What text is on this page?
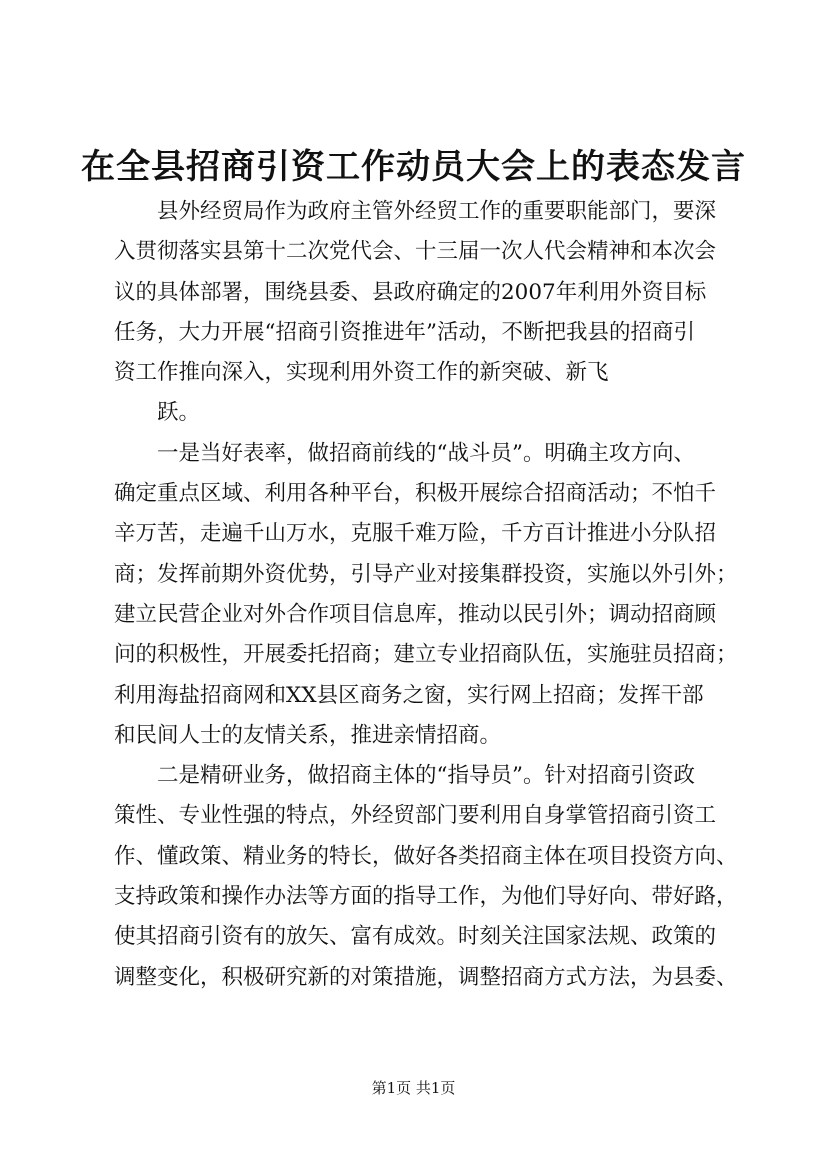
在全县招商引资工作动员大会上的表态发言
县外经贸局作为政府主管外经贸工作的重要职能部门，要深
入贯彻落实县第十二次党代会、十三届一次人代会精神和本次会
议的具体部署，围绕县委、县政府确定的2007年利用外资目标
任务，大力开展“招商引资推进年”活动，不断把我县的招商引
资工作推向深入，实现利用外资工作的新突破、新飞
跃。
一是当好表率，做招商前线的“战斗员”。明确主攻方向、
确定重点区域、利用各种平台，积极开展综合招商活动；不怕千
辛万苦，走遍千山万水，克服千难万险，千方百计推进小分队招
商；发挥前期外资优势，引导产业对接集群投资，实施以外引外；
建立民营企业对外合作项目信息库，推动以民引外；调动招商顾
问的积极性，开展委托招商；建立专业招商队伍，实施驻员招商；
利用海盐招商网和XX县区商务之窗，实行网上招商；发挥干部
和民间人士的友情关系，推进亲情招商。
二是精研业务，做招商主体的“指导员”。针对招商引资政
策性、专业性强的特点，外经贸部门要利用自身掌管招商引资工
作、懂政策、精业务的特长，做好各类招商主体在项目投资方向、
支持政策和操作办法等方面的指导工作，为他们导好向、带好路，
使其招商引资有的放矢、富有成效。时刻关注国家法规、政策的
调整变化，积极研究新的对策措施，调整招商方式方法，为县委、
第1页 共1页
